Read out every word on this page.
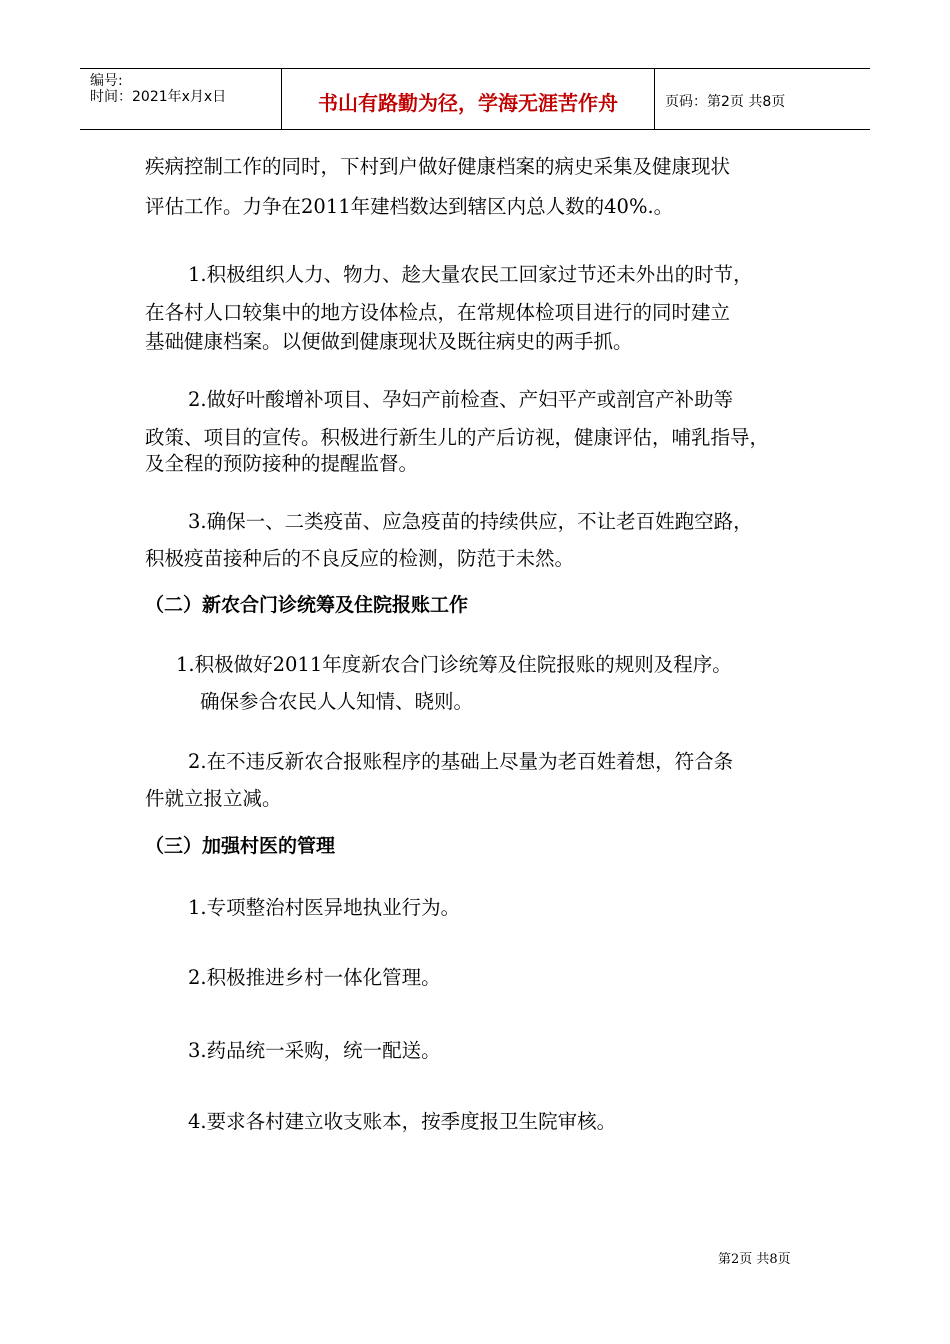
编号:
时间：2021年x月x日	书山有路勤为径，学海无涯苦作舟	页码：第2页 共8页
疾病控制工作的同时，下村到户做好健康档案的病史采集及健康现状
评估工作。力争在2011年建档数达到辖区内总人数的40%.。
1.积极组织人力、物力、趁大量农民工回家过节还未外出的时节，
在各村人口较集中的地方设体检点，在常规体检项目进行的同时建立
基础健康档案。以便做到健康现状及既往病史的两手抓。
2.做好叶酸增补项目、孕妇产前检查、产妇平产或剖宫产补助等
政策、项目的宣传。积极进行新生儿的产后访视，健康评估，哺乳指导，
及全程的预防接种的提醒监督。
3.确保一、二类疫苗、应急疫苗的持续供应，不让老百姓跑空路，
积极疫苗接种后的不良反应的检测，防范于未然。
（二）新农合门诊统筹及住院报账工作
1.积极做好2011年度新农合门诊统筹及住院报账的规则及程序。
确保参合农民人人知情、晓则。
2.在不违反新农合报账程序的基础上尽量为老百姓着想，符合条
件就立报立减。
（三）加强村医的管理
1.专项整治村医异地执业行为。
2.积极推进乡村一体化管理。
3.药品统一采购，统一配送。
4.要求各村建立收支账本，按季度报卫生院审核。
第2页 共8页
